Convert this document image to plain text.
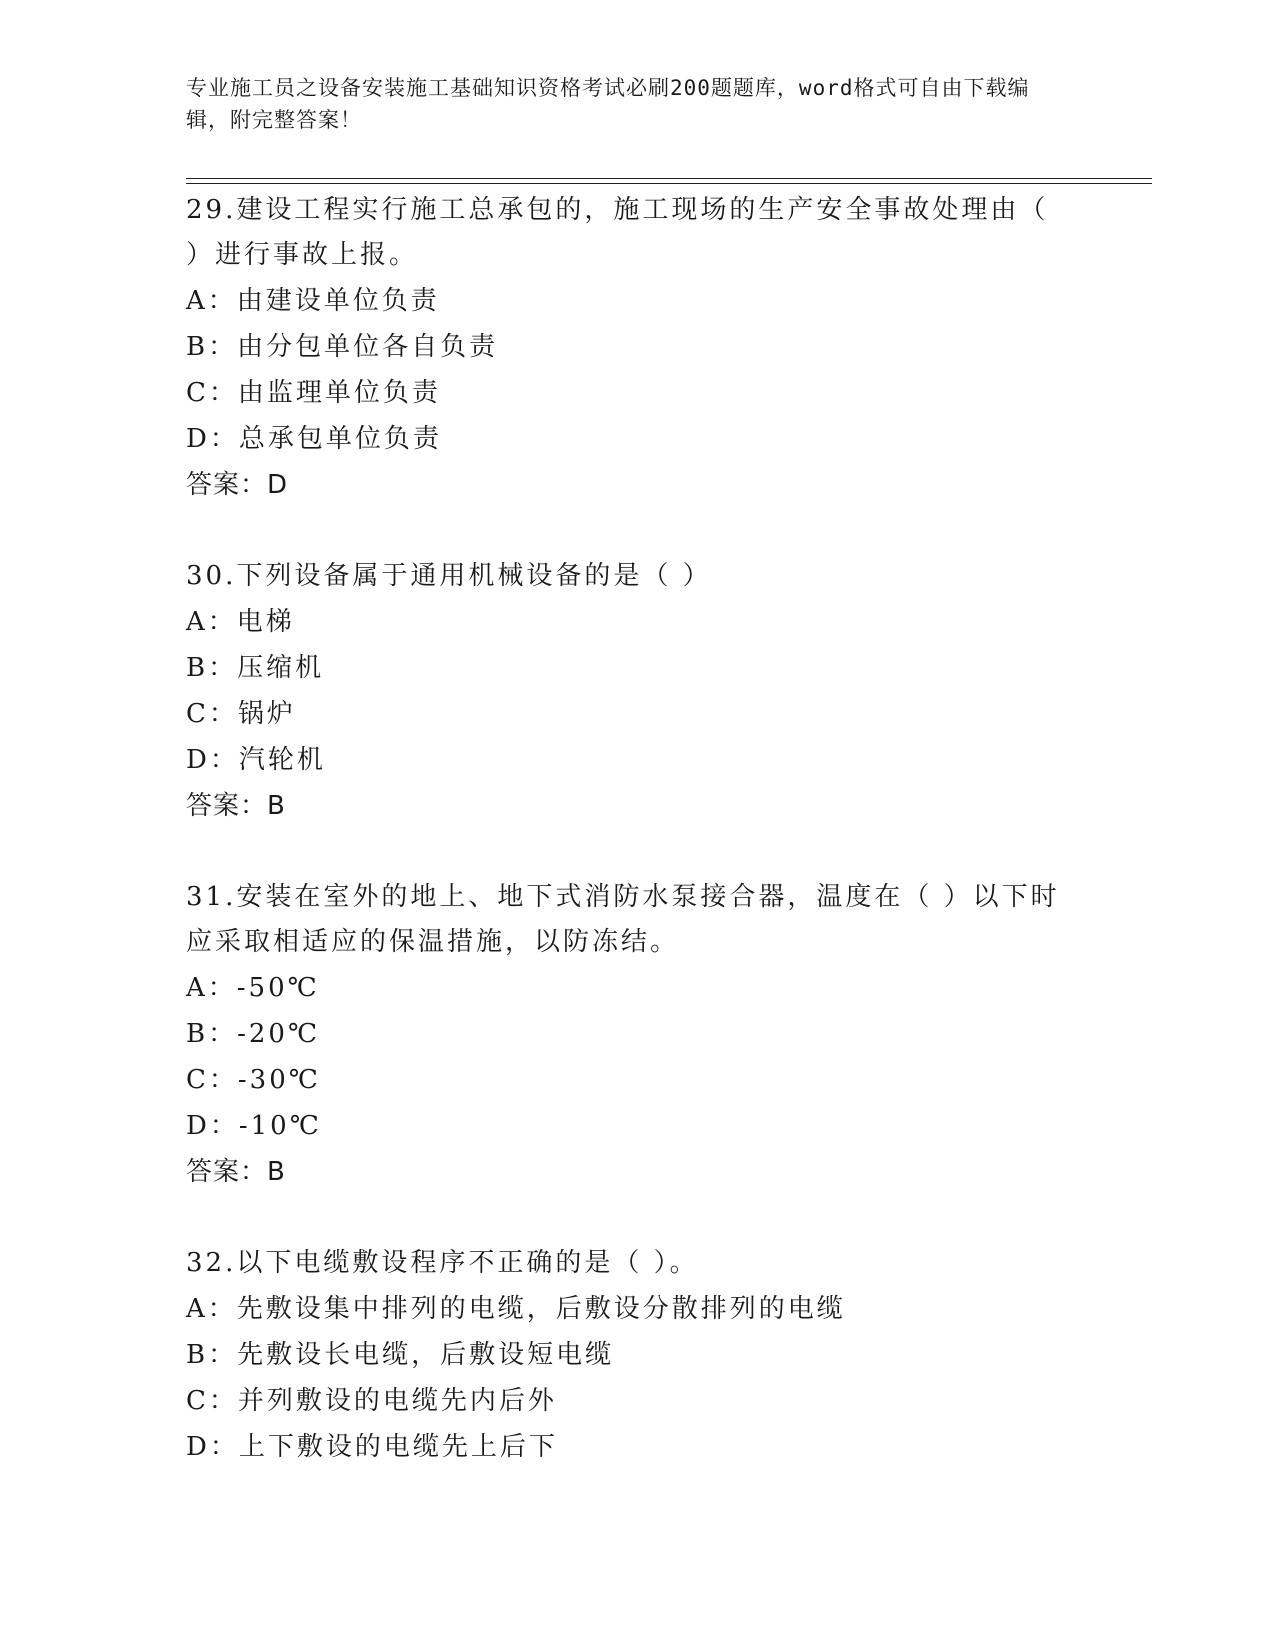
专业施工员之设备安装施工基础知识资格考试必刷200题题库，word格式可自由下载编辑，附完整答案！
29.建设工程实行施工总承包的，施工现场的生产安全事故处理由（ ）进行事故上报。
A：由建设单位负责
B：由分包单位各自负责
C：由监理单位负责
D：总承包单位负责
答案：D
30.下列设备属于通用机械设备的是（ ）
A：电梯
B：压缩机
C：锅炉
D：汽轮机
答案：B
31.安装在室外的地上、地下式消防水泵接合器，温度在（ ）以下时应采取相适应的保温措施，以防冻结。
A：-50℃
B：-20℃
C：-30℃
D：-10℃
答案：B
32.以下电缆敷设程序不正确的是（ ）。
A：先敷设集中排列的电缆，后敷设分散排列的电缆
B：先敷设长电缆，后敷设短电缆
C：并列敷设的电缆先内后外
D：上下敷设的电缆先上后下
